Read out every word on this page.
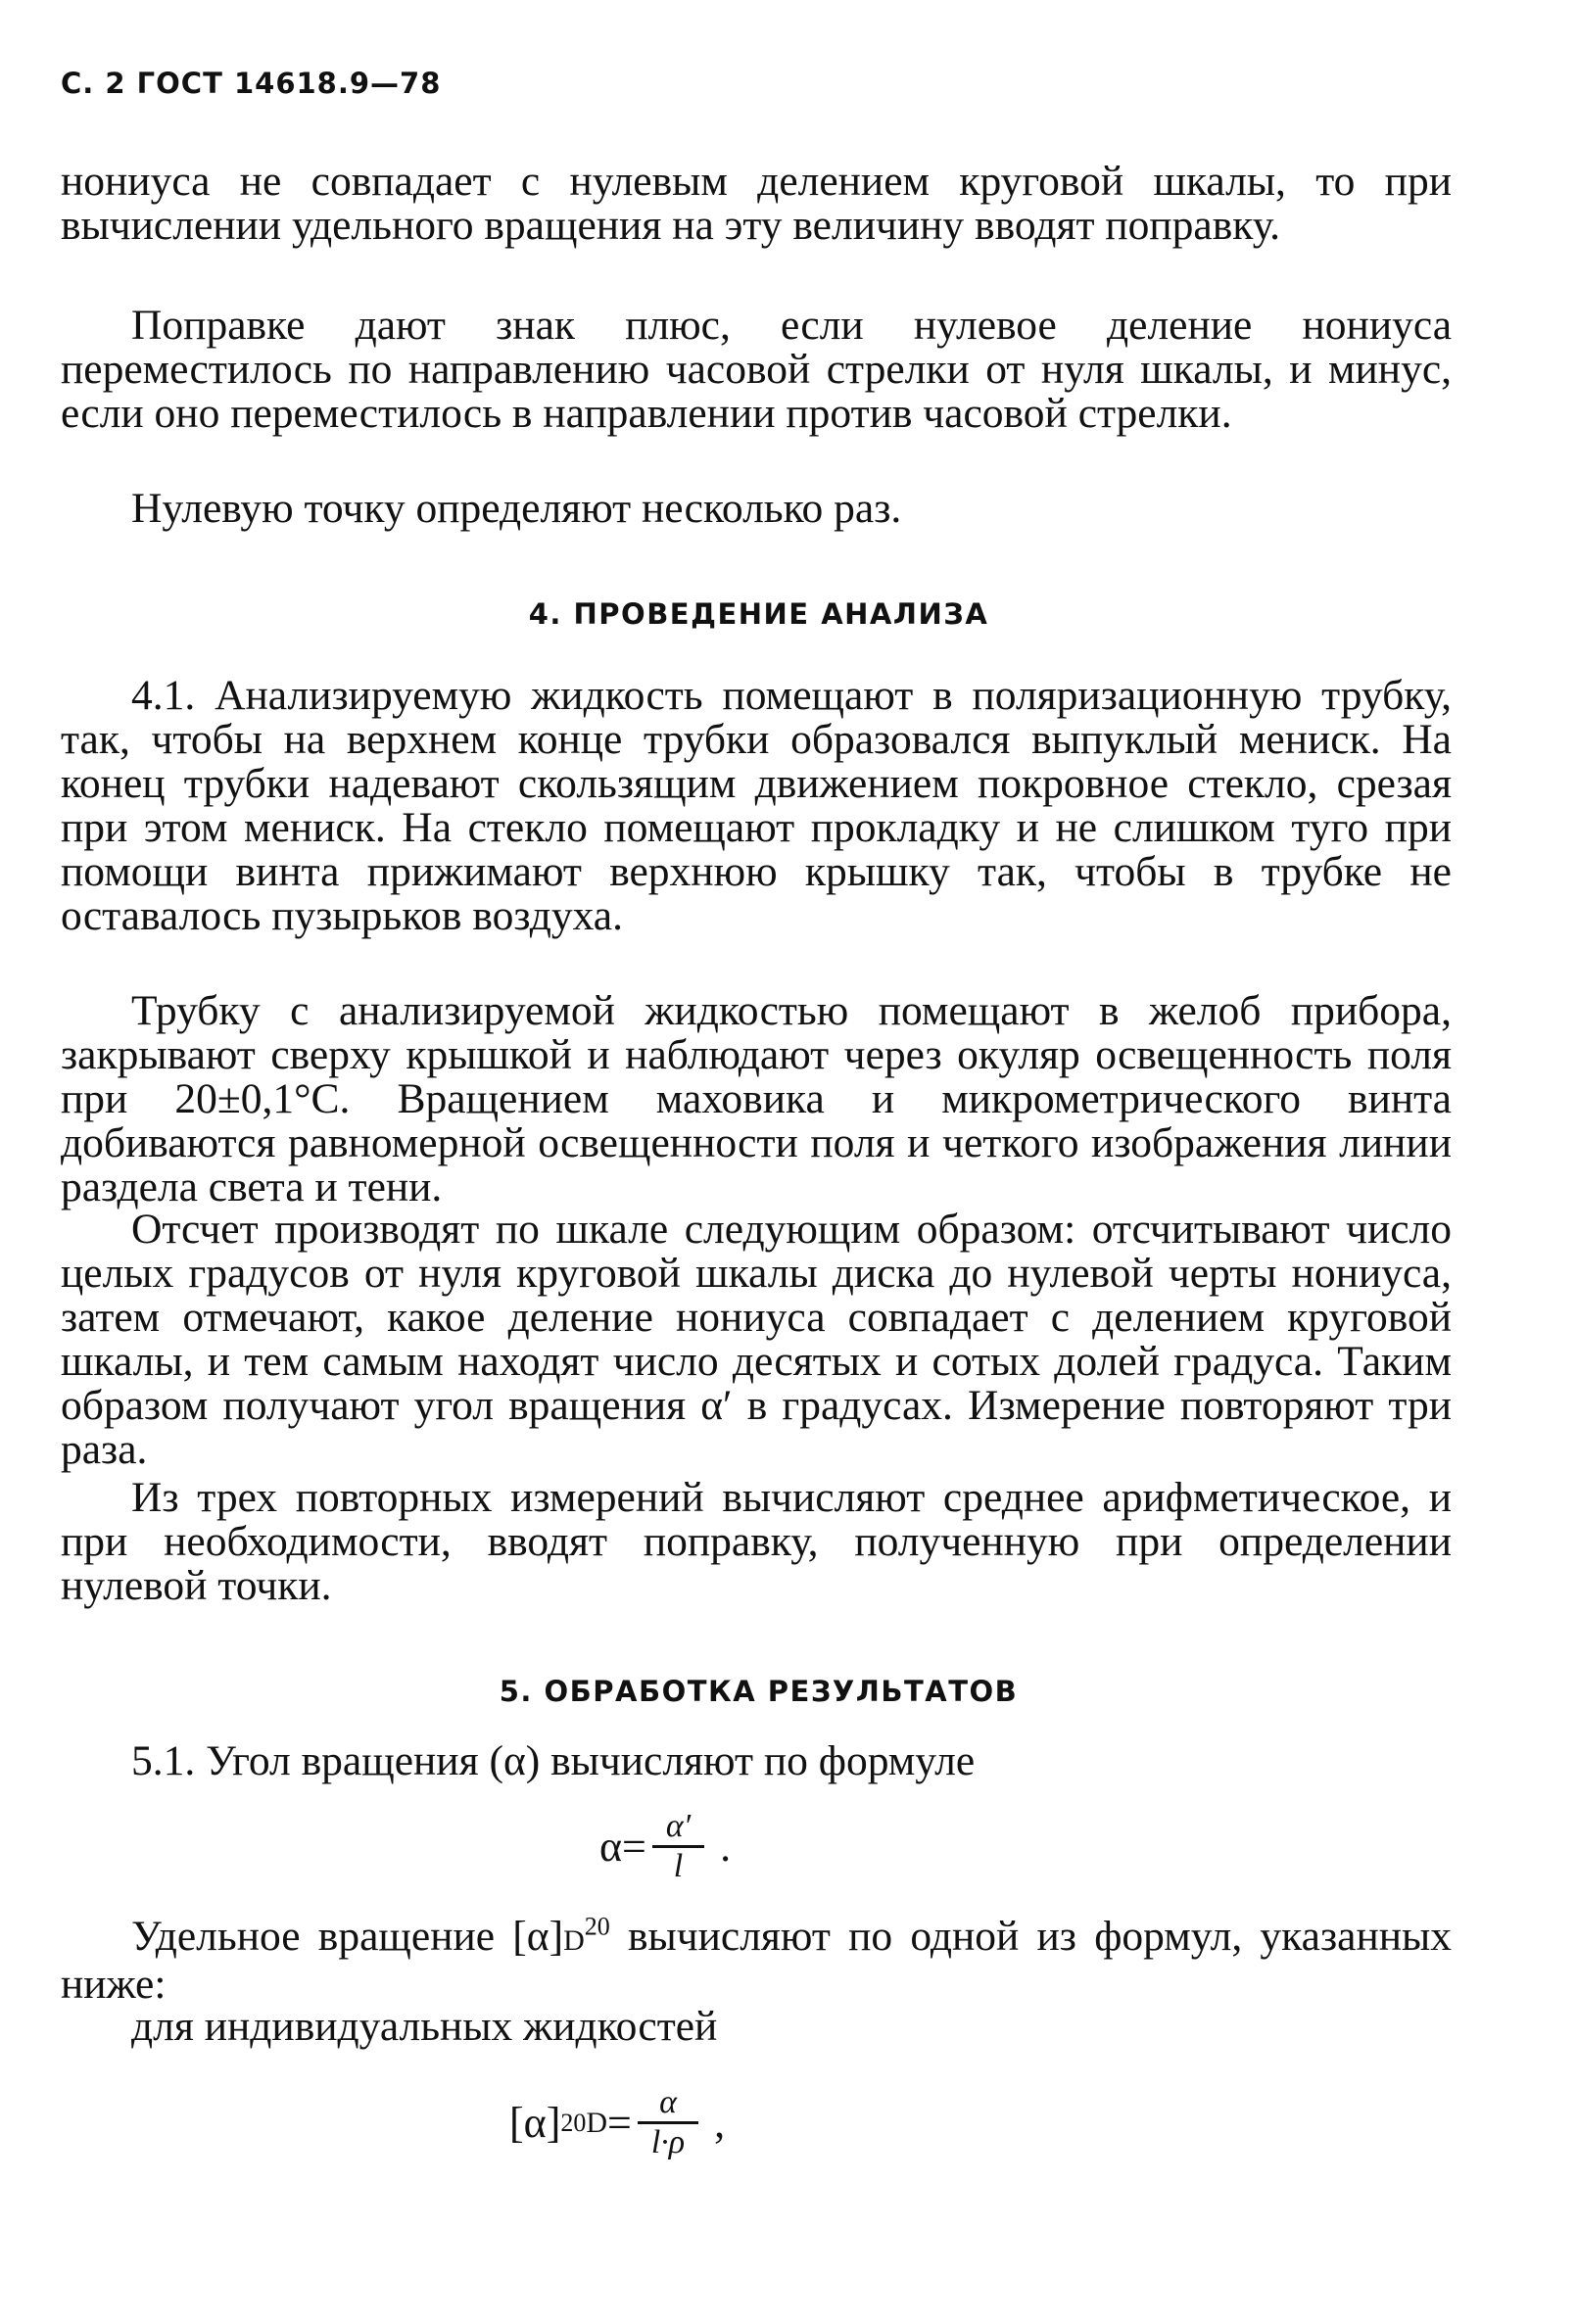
С. 2 ГОСТ 14618.9—78

нониуса не совпадает с нулевым делением круговой шкалы, то при вычислении удельного вращения на эту величину вводят поправку.

Поправке дают знак плюс, если нулевое деление нониуса переместилось по направлению часовой стрелки от нуля шкалы, и минус, если оно переместилось в направлении против часовой стрелки.

Нулевую точку определяют несколько раз.

4. ПРОВЕДЕНИЕ АНАЛИЗА

4.1. Анализируемую жидкость помещают в поляризационную трубку, так, чтобы на верхнем конце трубки образовался выпуклый мениск. На конец трубки надевают скользящим движением покровное стекло, срезая при этом мениск. На стекло помещают прокладку и не слишком туго при помощи винта прижимают верхнюю крышку так, чтобы в трубке не оставалось пузырьков воздуха.

Трубку с анализируемой жидкостью помещают в желоб прибора, закрывают сверху крышкой и наблюдают через окуляр освещенность поля при 20±0,1°С. Вращением маховика и микрометрического винта добиваются равномерной освещенности поля и четкого изображения линии раздела света и тени.

Отсчет производят по шкале следующим образом: отсчитывают число целых градусов от нуля круговой шкалы диска до нулевой черты нониуса, затем отмечают, какое деление нониуса совпадает с делением круговой шкалы, и тем самым находят число десятых и сотых долей градуса. Таким образом получают угол вращения α′ в градусах. Измерение повторяют три раза.

Из трех повторных измерений вычисляют среднее арифметическое, и при необходимости, вводят поправку, полученную при определении нулевой точки.

5. ОБРАБОТКА РЕЗУЛЬТАТОВ

5.1. Угол вращения (α) вычисляют по формуле

$\alpha= \frac{\alpha'}{l}$ .

Удельное вращение $[\alpha]D^{20}$ вычисляют по одной из формул, указанных ниже:

для индивидуальных жидкостей

[α] 20 $D = \frac{\alpha}{l\cdot\rho}$ ,
